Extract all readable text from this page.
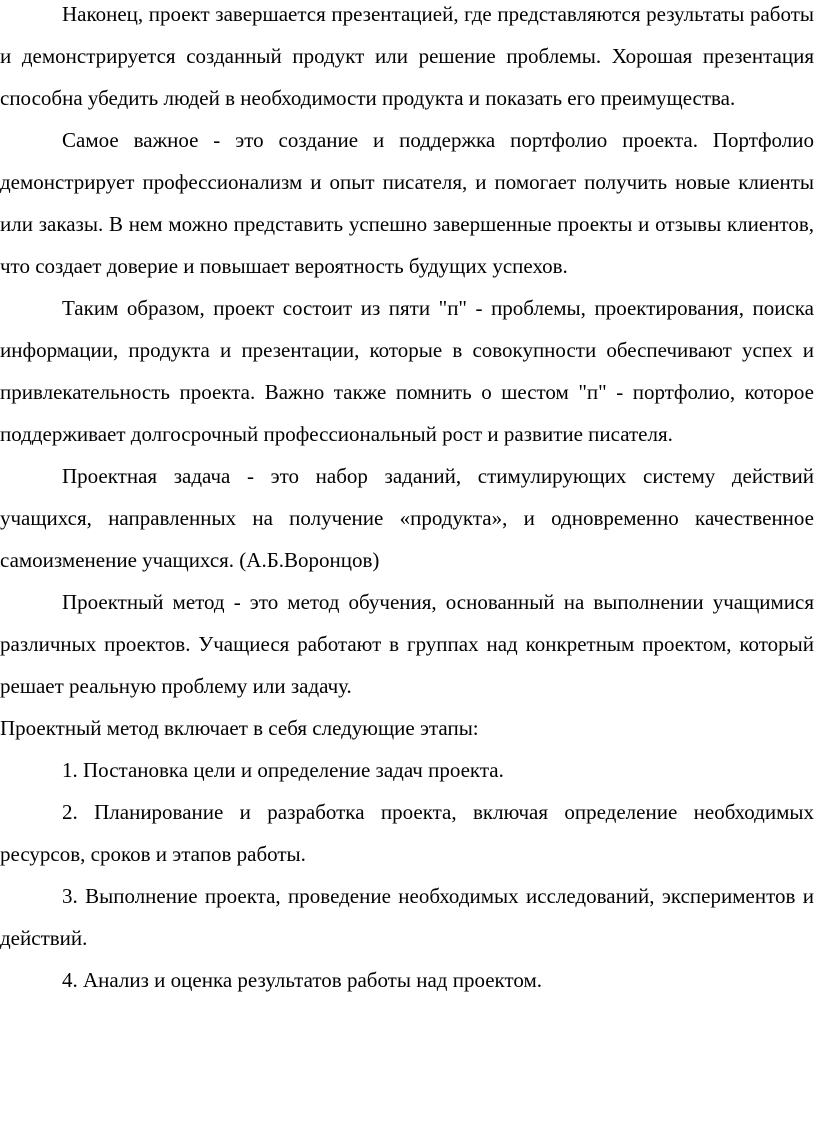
Наконец, проект завершается презентацией, где представляются результаты работы и демонстрируется созданный продукт или решение проблемы. Хорошая презентация способна убедить людей в необходимости продукта и показать его преимущества.

Самое важное - это создание и поддержка портфолио проекта. Портфолио демонстрирует профессионализм и опыт писателя, и помогает получить новые клиенты или заказы. В нем можно представить успешно завершенные проекты и отзывы клиентов, что создает доверие и повышает вероятность будущих успехов.

Таким образом, проект состоит из пяти "п" - проблемы, проектирования, поиска информации, продукта и презентации, которые в совокупности обеспечивают успех и привлекательность проекта. Важно также помнить о шестом "п" - портфолио, которое поддерживает долгосрочный профессиональный рост и развитие писателя.

Проектная задача - это набор заданий, стимулирующих систему действий учащихся, направленных на получение «продукта», и одновременно качественное самоизменение учащихся. (А.Б.Воронцов)

Проектный метод - это метод обучения, основанный на выполнении учащимися различных проектов. Учащиеся работают в группах над конкретным проектом, который решает реальную проблему или задачу.

Проектный метод включает в себя следующие этапы:

1. Постановка цели и определение задач проекта.

2. Планирование и разработка проекта, включая определение необходимых ресурсов, сроков и этапов работы.

3. Выполнение проекта, проведение необходимых исследований, экспериментов и действий.

4. Анализ и оценка результатов работы над проектом.
